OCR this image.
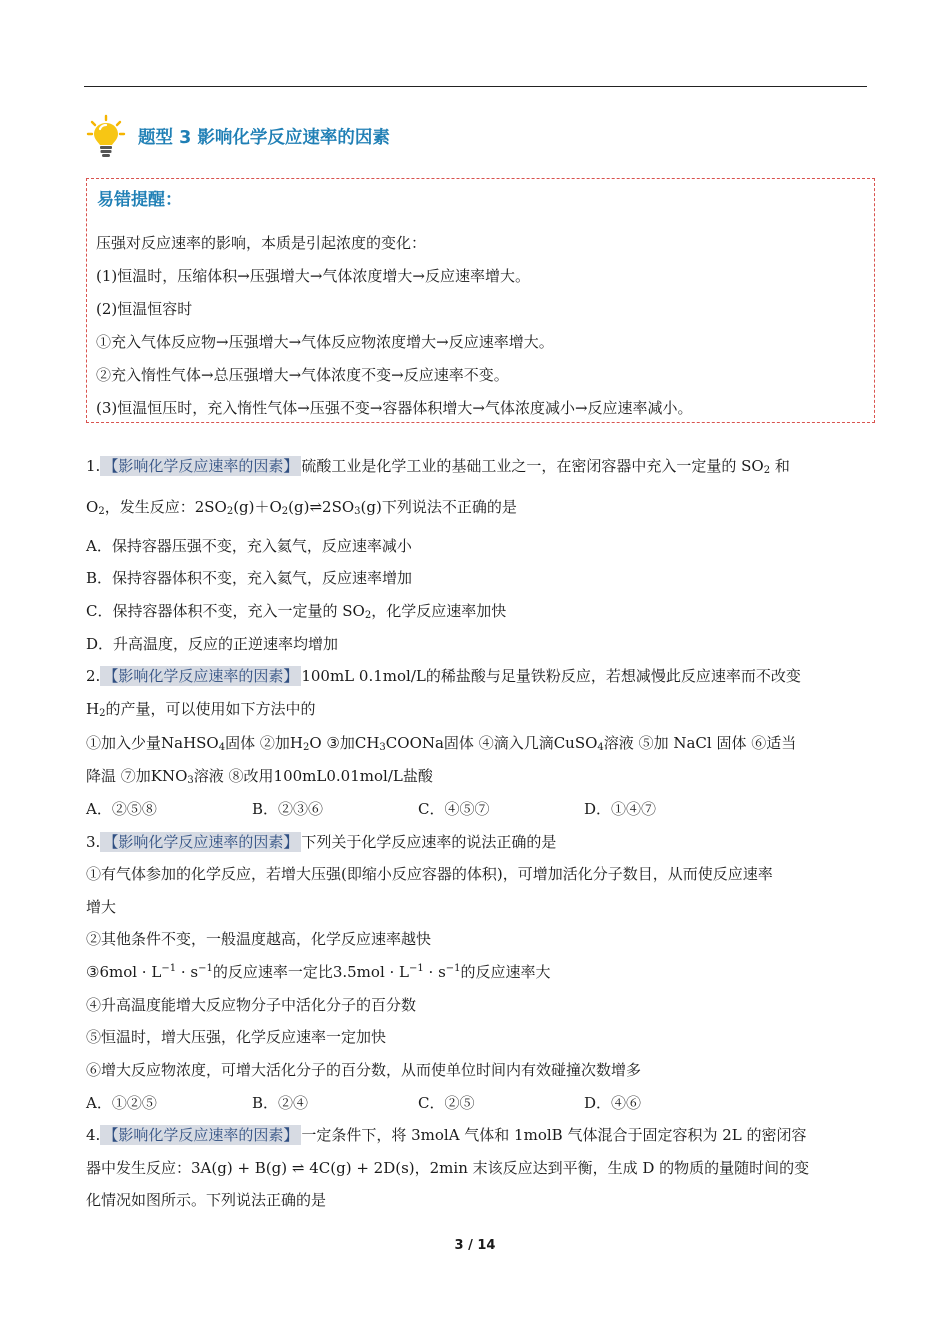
题型 3 影响化学反应速率的因素
易错提醒：
压强对反应速率的影响，本质是引起浓度的变化：
(1)恒温时，压缩体积→压强增大→气体浓度增大→反应速率增大。
(2)恒温恒容时
①充入气体反应物→压强增大→气体反应物浓度增大→反应速率增大。
②充入惰性气体→总压强增大→气体浓度不变→反应速率不变。
(3)恒温恒压时，充入惰性气体→压强不变→容器体积增大→气体浓度减小→反应速率减小。
1. 【影响化学反应速率的因素】 硫酸工业是化学工业的基础工业之一，在密闭容器中充入一定量的 $SO_2$ 和
$O_2$，发生反应：$2SO_2(g)+O_2(g)\rightleftharpoons 2SO_3(g)$下列说法不正确的是
A．保持容器压强不变，充入氦气，反应速率减小
B．保持容器体积不变，充入氦气，反应速率增加
C．保持容器体积不变，充入一定量的 $SO_2$，化学反应速率加快
D．升高温度，反应的正逆速率均增加
2. 【影响化学反应速率的因素】 100mL 0.1mol/L的稀盐酸与足量铁粉反应，若想减慢此反应速率而不改变
$H_2$的产量，可以使用如下方法中的
①加入少量NaHSO$_4$固体 ②加$H_2O$ ③加$CH_3COONa$固体 ④滴入几滴CuSO$_4$溶液 ⑤加 NaCl 固体 ⑥适当
降温 ⑦加$KNO_3$溶液 ⑧改用100mL0.01mol/L盐酸
A．②⑤⑧	B．②③⑥	C．④⑤⑦	D．①④⑦
3. 【影响化学反应速率的因素】 下列关于化学反应速率的说法正确的是
①有气体参加的化学反应，若增大压强(即缩小反应容器的体积)，可增加活化分子数目，从而使反应速率
增大
②其他条件不变，一般温度越高，化学反应速率越快
③6mol · $L^{-1} \cdot s^{-1}$的反应速率一定比$3.5mol \cdot L^{-1} \cdot s^{-1}$的反应速率大
④升高温度能增大反应物分子中活化分子的百分数
⑤恒温时，增大压强，化学反应速率一定加快
⑥增大反应物浓度，可增大活化分子的百分数，从而使单位时间内有效碰撞次数增多
A．①②⑤	B．②④	C．②⑤	D．④⑥
4. 【影响化学反应速率的因素】 一定条件下，将 3molA 气体和 1molB 气体混合于固定容积为 2L 的密闭容
器中发生反应：3A(g) + B(g) ⇌ 4C(g) + 2D(s)，2min 末该反应达到平衡，生成 D 的物质的量随时间的变
化情况如图所示。下列说法正确的是
3 / 14
